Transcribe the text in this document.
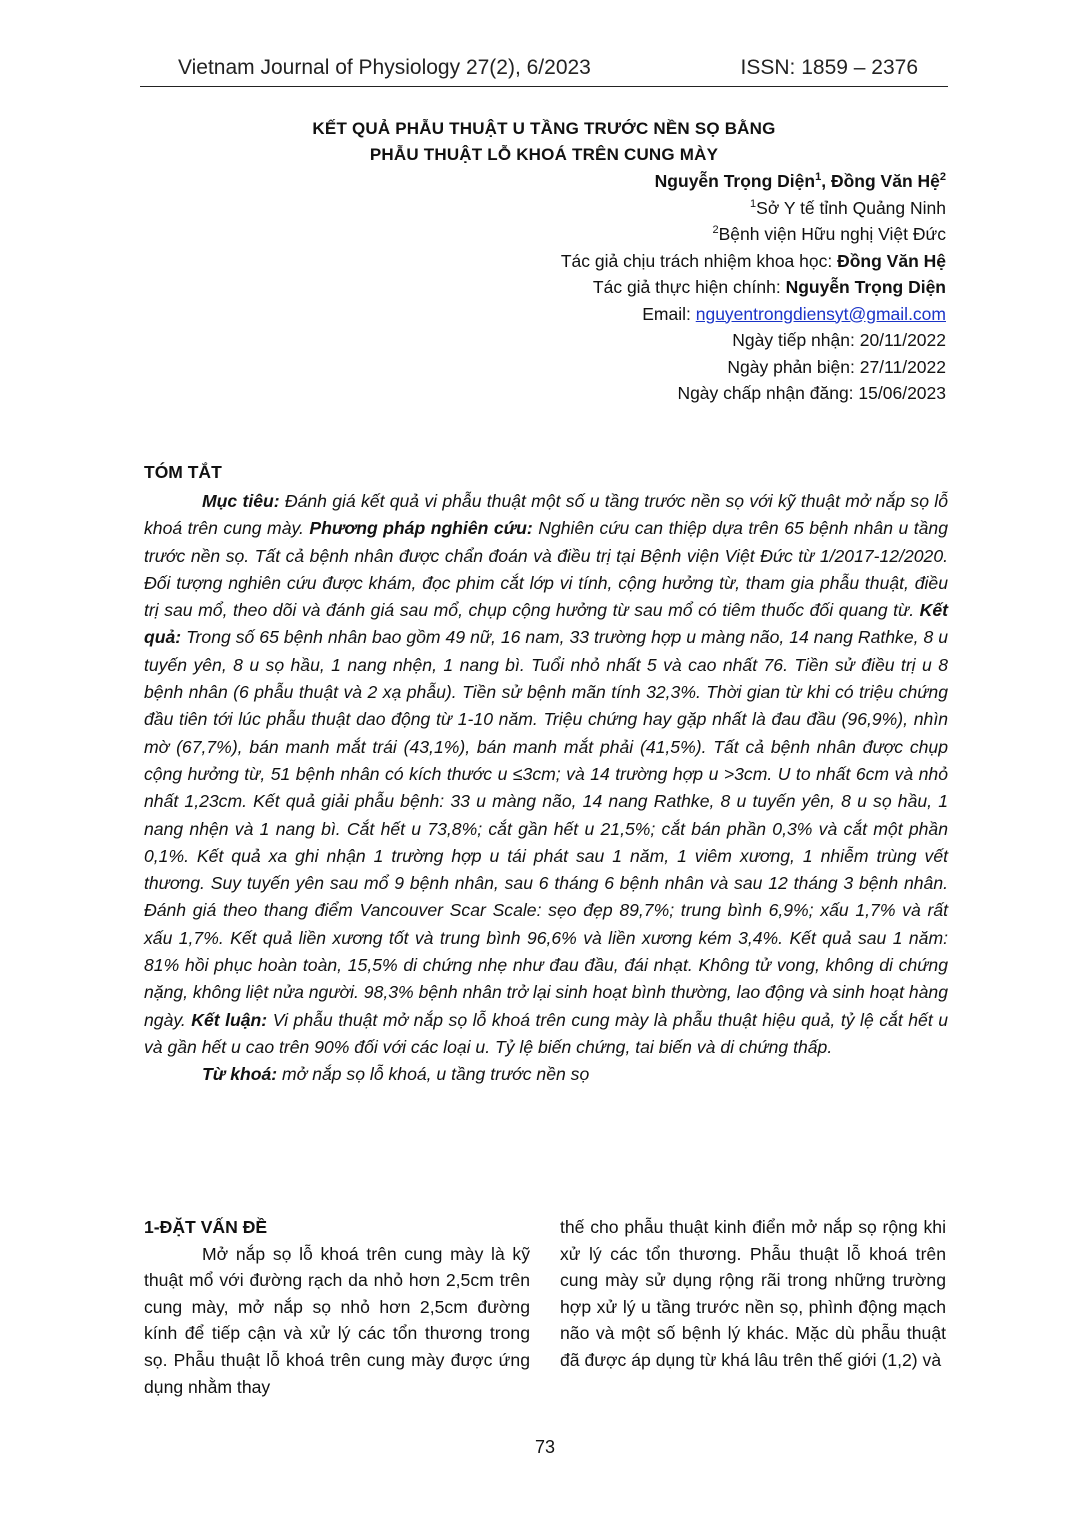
Vietnam Journal of Physiology 27(2), 6/2023	ISSN: 1859 – 2376
KẾT QUẢ PHẪU THUẬT U TẦNG TRƯỚC NỀN SỌ BẰNG
PHẪU THUẬT LỖ KHOÁ TRÊN CUNG MÀY
Nguyễn Trọng Diện$^1$, Đồng Văn Hệ$^2$
$^1$Sở Y tế tỉnh Quảng Ninh
$^2$Bệnh viện Hữu nghị Việt Đức
Tác giả chịu trách nhiệm khoa học: Đồng Văn Hệ
Tác giả thực hiện chính: Nguyễn Trọng Diện
Email: nguyentrongdiensyt@gmail.com
Ngày tiếp nhận: 20/11/2022
Ngày phản biện: 27/11/2022
Ngày chấp nhận đăng: 15/06/2023
TÓM TẮT

Mục tiêu: Đánh giá kết quả vi phẫu thuật một số u tầng trước nền sọ với kỹ thuật mở nắp sọ lỗ khoá trên cung mày. Phương pháp nghiên cứu: Nghiên cứu can thiệp dựa trên 65 bệnh nhân u tầng trước nền sọ. Tất cả bệnh nhân được chẩn đoán và điều trị tại Bệnh viện Việt Đức từ 1/2017-12/2020. Đối tượng nghiên cứu được khám, đọc phim cắt lớp vi tính, cộng hưởng từ, tham gia phẫu thuật, điều trị sau mổ, theo dõi và đánh giá sau mổ, chụp cộng hưởng từ sau mổ có tiêm thuốc đối quang từ. Kết quả: Trong số 65 bệnh nhân bao gồm 49 nữ, 16 nam, 33 trường hợp u màng não, 14 nang Rathke, 8 u tuyến yên, 8 u sọ hầu, 1 nang nhện, 1 nang bì. Tuổi nhỏ nhất 5 và cao nhất 76. Tiền sử điều trị u 8 bệnh nhân (6 phẫu thuật và 2 xạ phẫu). Tiền sử bệnh mãn tính 32,3%. Thời gian từ khi có triệu chứng đầu tiên tới lúc phẫu thuật dao động từ 1-10 năm. Triệu chứng hay gặp nhất là đau đầu (96,9%), nhìn mờ (67,7%), bán manh mắt trái (43,1%), bán manh mắt phải (41,5%). Tất cả bệnh nhân được chụp cộng hưởng từ, 51 bệnh nhân có kích thước u ≤3cm; và 14 trường hợp u >3cm. U to nhất 6cm và nhỏ nhất 1,23cm. Kết quả giải phẫu bệnh: 33 u màng não, 14 nang Rathke, 8 u tuyến yên, 8 u sọ hầu, 1 nang nhện và 1 nang bì. Cắt hết u 73,8%; cắt gần hết u 21,5%; cắt bán phần 0,3% và cắt một phần 0,1%. Kết quả xa ghi nhận 1 trường hợp u tái phát sau 1 năm, 1 viêm xương, 1 nhiễm trùng vết thương. Suy tuyến yên sau mổ 9 bệnh nhân, sau 6 tháng 6 bệnh nhân và sau 12 tháng 3 bệnh nhân. Đánh giá theo thang điểm Vancouver Scar Scale: sẹo đẹp 89,7%; trung bình 6,9%; xấu 1,7% và rất xấu 1,7%. Kết quả liền xương tốt và trung bình 96,6% và liền xương kém 3,4%. Kết quả sau 1 năm: 81% hồi phục hoàn toàn, 15,5% di chứng nhẹ như đau đầu, đái nhạt. Không tử vong, không di chứng nặng, không liệt nửa người. 98,3% bệnh nhân trở lại sinh hoạt bình thường, lao động và sinh hoạt hàng ngày. Kết luận: Vi phẫu thuật mở nắp sọ lỗ khoá trên cung mày là phẫu thuật hiệu quả, tỷ lệ cắt hết u và gần hết u cao trên 90% đối với các loại u. Tỷ lệ biến chứng, tai biến và di chứng thấp.

Từ khoá: mở nắp sọ lỗ khoá, u tầng trước nền sọ

1-ĐẶT VẤN ĐỀ

Mở nắp sọ lỗ khoá trên cung mày là kỹ thuật mổ với đường rạch da nhỏ hơn 2,5cm trên cung mày, mở nắp sọ nhỏ hơn 2,5cm đường kính để tiếp cận và xử lý các tổn thương trong sọ. Phẫu thuật lỗ khoá trên cung mày được ứng dụng nhằm thay

thế cho phẫu thuật kinh điển mở nắp sọ rộng khi xử lý các tổn thương. Phẫu thuật lỗ khoá trên cung mày sử dụng rộng rãi trong những trường hợp xử lý u tầng trước nền sọ, phình động mạch não và một số bệnh lý khác. Mặc dù phẫu thuật đã được áp dụng từ khá lâu trên thế giới (1,2) và

73
